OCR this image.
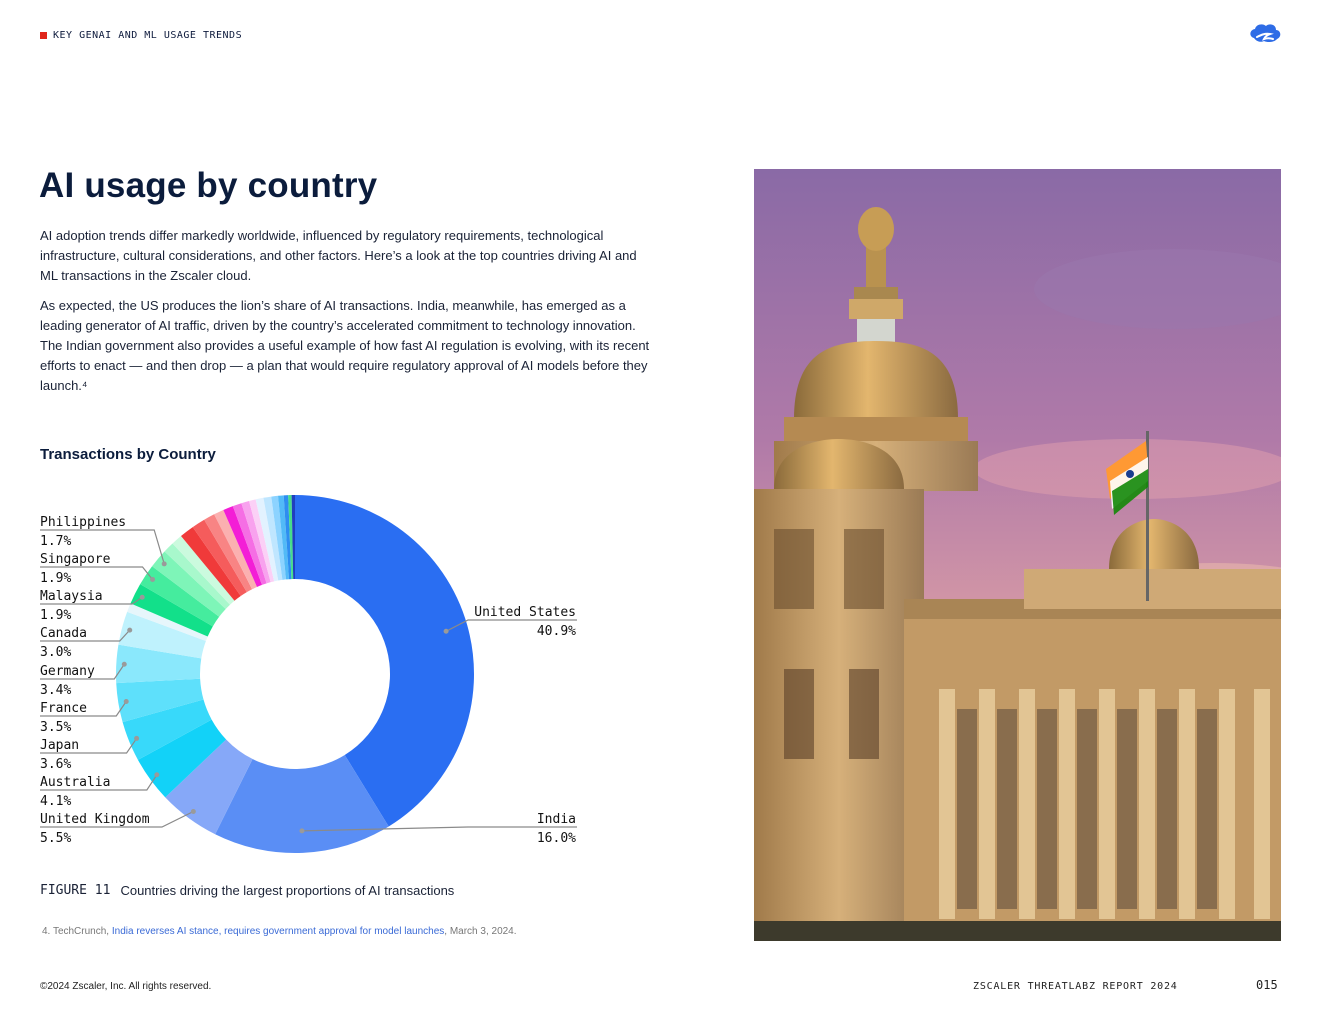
KEY GENAI AND ML USAGE TRENDS
AI usage by country

AI adoption trends differ markedly worldwide, influenced by regulatory requirements, technological infrastructure, cultural considerations, and other factors. Here’s a look at the top countries driving AI and ML transactions in the Zscaler cloud.

As expected, the US produces the lion’s share of AI transactions. India, meanwhile, has emerged as a leading generator of AI traffic, driven by the country’s accelerated commitment to technology innovation. The Indian government also provides a useful example of how fast AI regulation is evolving, with its recent efforts to enact — and then drop — a plan that would require regulatory approval of AI models before they launch.⁴

Transactions by Country
United States
40.9%
India
16.0%
United Kingdom
5.5%
Australia
4.1%
Japan
3.6%
France
3.5%
Germany
3.4%
Canada
3.0%
Malaysia
1.9%
Singapore
1.9%
Philippines
1.7%
FIGURE 11 Countries driving the largest proportions of AI transactions
4. TechCrunch, India reverses AI stance, requires government approval for model launches, March 3, 2024.
©2024 Zscaler, Inc. All rights reserved.	ZSCALER THREATLABZ REPORT 2024	015
